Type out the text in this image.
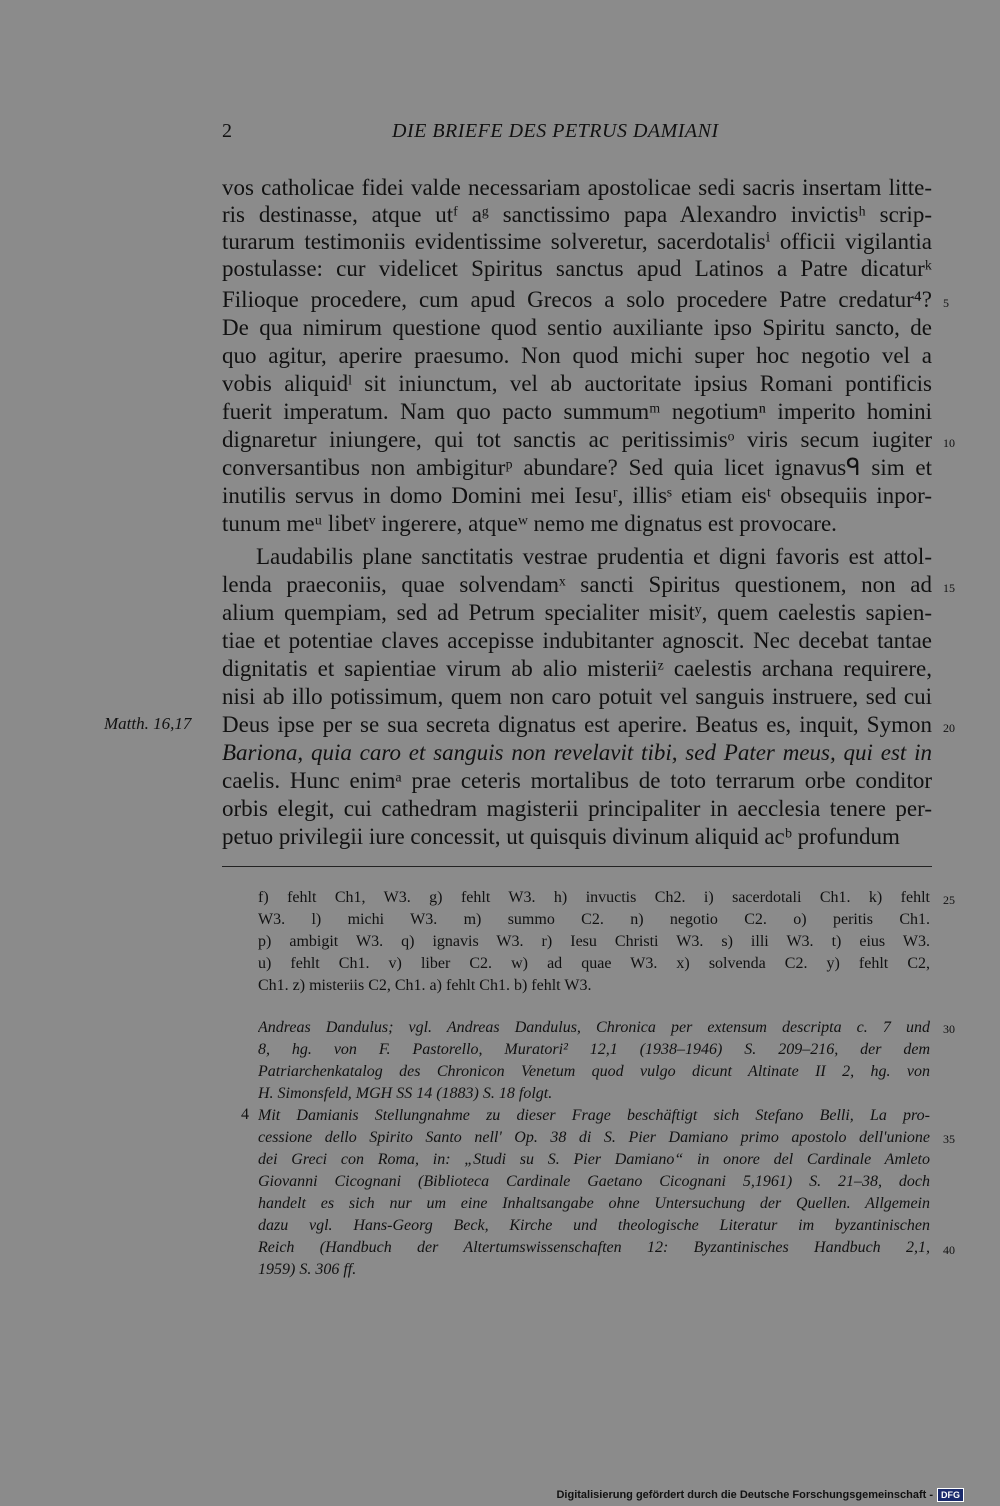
2	DIE BRIEFE DES PETRUS DAMIANI
vos catholicae fidei valde necessariam apostolicae sedi sacris insertam litte-
ris destinasse, atque utᶠ aᵍ sanctissimo papa Alexandro invictisʰ scrip-
turarum testimoniis evidentissime solveretur, sacerdotalisⁱ officii vigilantia
postulasse: cur videlicet Spiritus sanctus apud Latinos a Patre dicaturᵏ
Filioque procedere, cum apud Grecos a solo procedere Patre credatur⁴?
De qua nimirum questione quod sentio auxiliante ipso Spiritu sancto, de
quo agitur, aperire praesumo. Non quod michi super hoc negotio vel a
vobis aliquidˡ sit iniunctum, vel ab auctoritate ipsius Romani pontificis
fuerit imperatum. Nam quo pacto summumᵐ negotiumⁿ imperito homini
dignaretur iniungere, qui tot sanctis ac peritissimisᵒ viris secum iugiter
conversantibus non ambigiturᵖ abundare? Sed quia licet ignavusᑫ sim et
inutilis servus in domo Domini mei Iesuʳ, illisˢ etiam eisᵗ obsequiis inpor-
tunum meᵘ libetᵛ ingerere, atqueʷ nemo me dignatus est provocare.
Laudabilis plane sanctitatis vestrae prudentia et digni favoris est attol-
lenda praeconiis, quae solvendamˣ sancti Spiritus questionem, non ad
alium quempiam, sed ad Petrum specialiter misitʸ, quem caelestis sapien-
tiae et potentiae claves accepisse indubitanter agnoscit. Nec decebat tantae
dignitatis et sapientiae virum ab alio misteriiᶻ caelestis archana requirere,
nisi ab illo potissimum, quem non caro potuit vel sanguis instruere, sed cui
Deus ipse per se sua secreta dignatus est aperire. Beatus es, inquit, Symon
Bariona, quia caro et sanguis non revelavit tibi, sed Pater meus, qui est in
caelis. Hunc enimᵃ prae ceteris mortalibus de toto terrarum orbe conditor
orbis elegit, cui cathedram magisterii principaliter in aecclesia tenere per-
petuo privilegii iure concessit, ut quisquis divinum aliquid acᵇ profundum
Matth. 16,17
5
10
15
20
25
30
35
40
f) fehlt Ch1, W3. g) fehlt W3. h) invuctis Ch2. i) sacerdotali Ch1. k) fehlt
W3. l) michi W3. m) summo C2. n) negotio C2. o) peritis Ch1.
p) ambigit W3. q) ignavis W3. r) Iesu Christi W3. s) illi W3. t) eius W3.
u) fehlt Ch1. v) liber C2. w) ad quae W3. x) solvenda C2. y) fehlt C2,
Ch1. z) misteriis C2, Ch1. a) fehlt Ch1. b) fehlt W3.
Andreas Dandulus; vgl. Andreas Dandulus, Chronica per extensum descripta c. 7 und
8, hg. von F. Pastorello, Muratori² 12,1 (1938–1946) S. 209–216, der dem
Patriarchenkatalog des Chronicon Venetum quod vulgo dicunt Altinate II 2, hg. von
H. Simonsfeld, MGH SS 14 (1883) S. 18 folgt.
4 Mit Damianis Stellungnahme zu dieser Frage beschäftigt sich Stefano Belli, La pro-
cessione dello Spirito Santo nell' Op. 38 di S. Pier Damiano primo apostolo dell'unione
dei Greci con Roma, in: „Studi su S. Pier Damiano“ in onore del Cardinale Amleto
Giovanni Cicognani (Biblioteca Cardinale Gaetano Cicognani 5,1961) S. 21–38, doch
handelt es sich nur um eine Inhaltsangabe ohne Untersuchung der Quellen. Allgemein
dazu vgl. Hans-Georg Beck, Kirche und theologische Literatur im byzantinischen
Reich (Handbuch der Altertumswissenschaften 12: Byzantinisches Handbuch 2,1,
1959) S. 306 ff.
Digitalisierung gefördert durch die Deutsche Forschungsgemeinschaft - DFG
